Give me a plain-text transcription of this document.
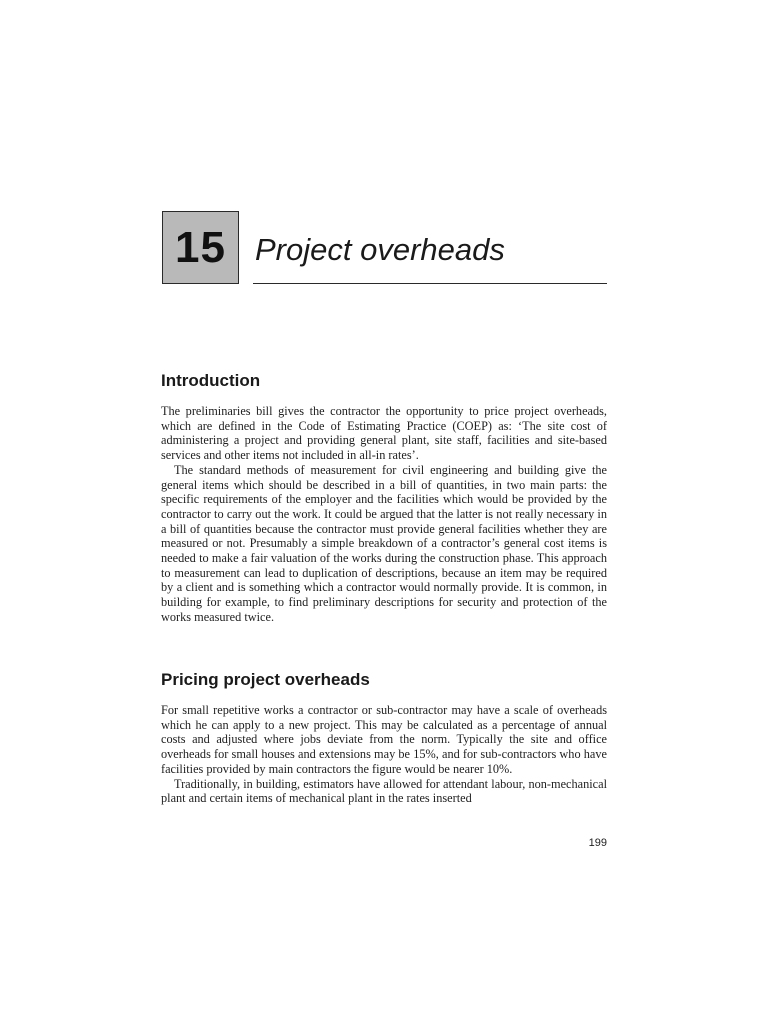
15 Project overheads
Introduction

The preliminaries bill gives the contractor the opportunity to price project overheads, which are defined in the Code of Estimating Practice (COEP) as: ‘The site cost of administering a project and providing general plant, site staff, facilities and site-based services and other items not included in all-in rates’.

The standard methods of measurement for civil engineering and building give the general items which should be described in a bill of quantities, in two main parts: the specific requirements of the employer and the facilities which would be provided by the contractor to carry out the work. It could be argued that the latter is not really necessary in a bill of quantities because the contractor must provide general facilities whether they are measured or not. Presumably a simple breakdown of a contractor’s general cost items is needed to make a fair valuation of the works during the construction phase. This approach to measurement can lead to duplication of descriptions, because an item may be required by a client and is something which a contractor would normally provide. It is common, in building for example, to find preliminary descriptions for security and protection of the works measured twice.

Pricing project overheads

For small repetitive works a contractor or sub-contractor may have a scale of overheads which he can apply to a new project. This may be calculated as a percentage of annual costs and adjusted where jobs deviate from the norm. Typically the site and office overheads for small houses and extensions may be 15%, and for sub-contractors who have facilities provided by main contractors the figure would be nearer 10%.

Traditionally, in building, estimators have allowed for attendant labour, non-mechanical plant and certain items of mechanical plant in the rates inserted

199
